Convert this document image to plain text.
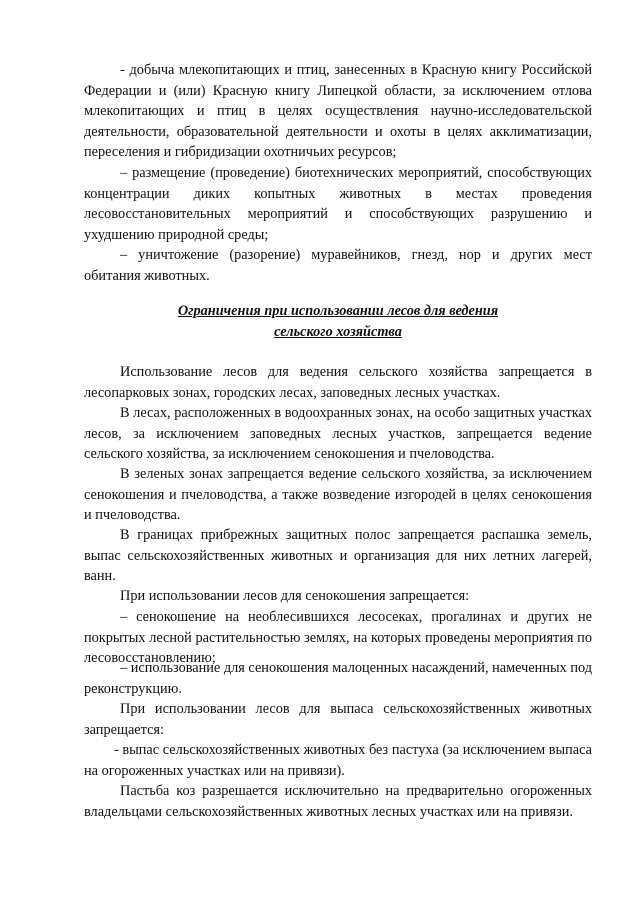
- добыча млекопитающих и птиц, занесенных в Красную книгу Российской Федерации и (или) Красную книгу Липецкой области, за исключением отлова млекопитающих и птиц в целях осуществления научно-исследовательской деятельности, образовательной деятельности и охоты в целях акклиматизации, переселения и гибридизации охотничьих ресурсов;

– размещение (проведение) биотехнических мероприятий, способствующих концентрации диких копытных животных в местах проведения лесовосстановительных мероприятий и способствующих разрушению и ухудшению природной среды;

– уничтожение (разорение) муравейников, гнезд, нор и других мест обитания животных.

Ограничения при использовании лесов для ведения
сельского хозяйства

Использование лесов для ведения сельского хозяйства запрещается в лесопарковых зонах, городских лесах, заповедных лесных участках.

В лесах, расположенных в водоохранных зонах, на особо защитных участках лесов, за исключением заповедных лесных участков, запрещается ведение сельского хозяйства, за исключением сенокошения и пчеловодства.

В зеленых зонах запрещается ведение сельского хозяйства, за исключением сенокошения и пчеловодства, а также возведение изгородей в целях сенокошения и пчеловодства.

В границах прибрежных защитных полос запрещается распашка земель, выпас сельскохозяйственных животных и организация для них летних лагерей, ванн.

При использовании лесов для сенокошения запрещается:

– сенокошение на необлесившихся лесосеках, прогалинах и других не покрытых лесной растительностью землях, на которых проведены мероприятия по лесовосстановлению;

– использование для сенокошения малоценных насаждений, намеченных под реконструкцию.

При использовании лесов для выпаса сельскохозяйственных животных запрещается:

- выпас сельскохозяйственных животных без пастуха (за исключением выпаса на огороженных участках или на привязи).

Пастьба коз разрешается исключительно на предварительно огороженных владельцами сельскохозяйственных животных лесных участках или на привязи.
